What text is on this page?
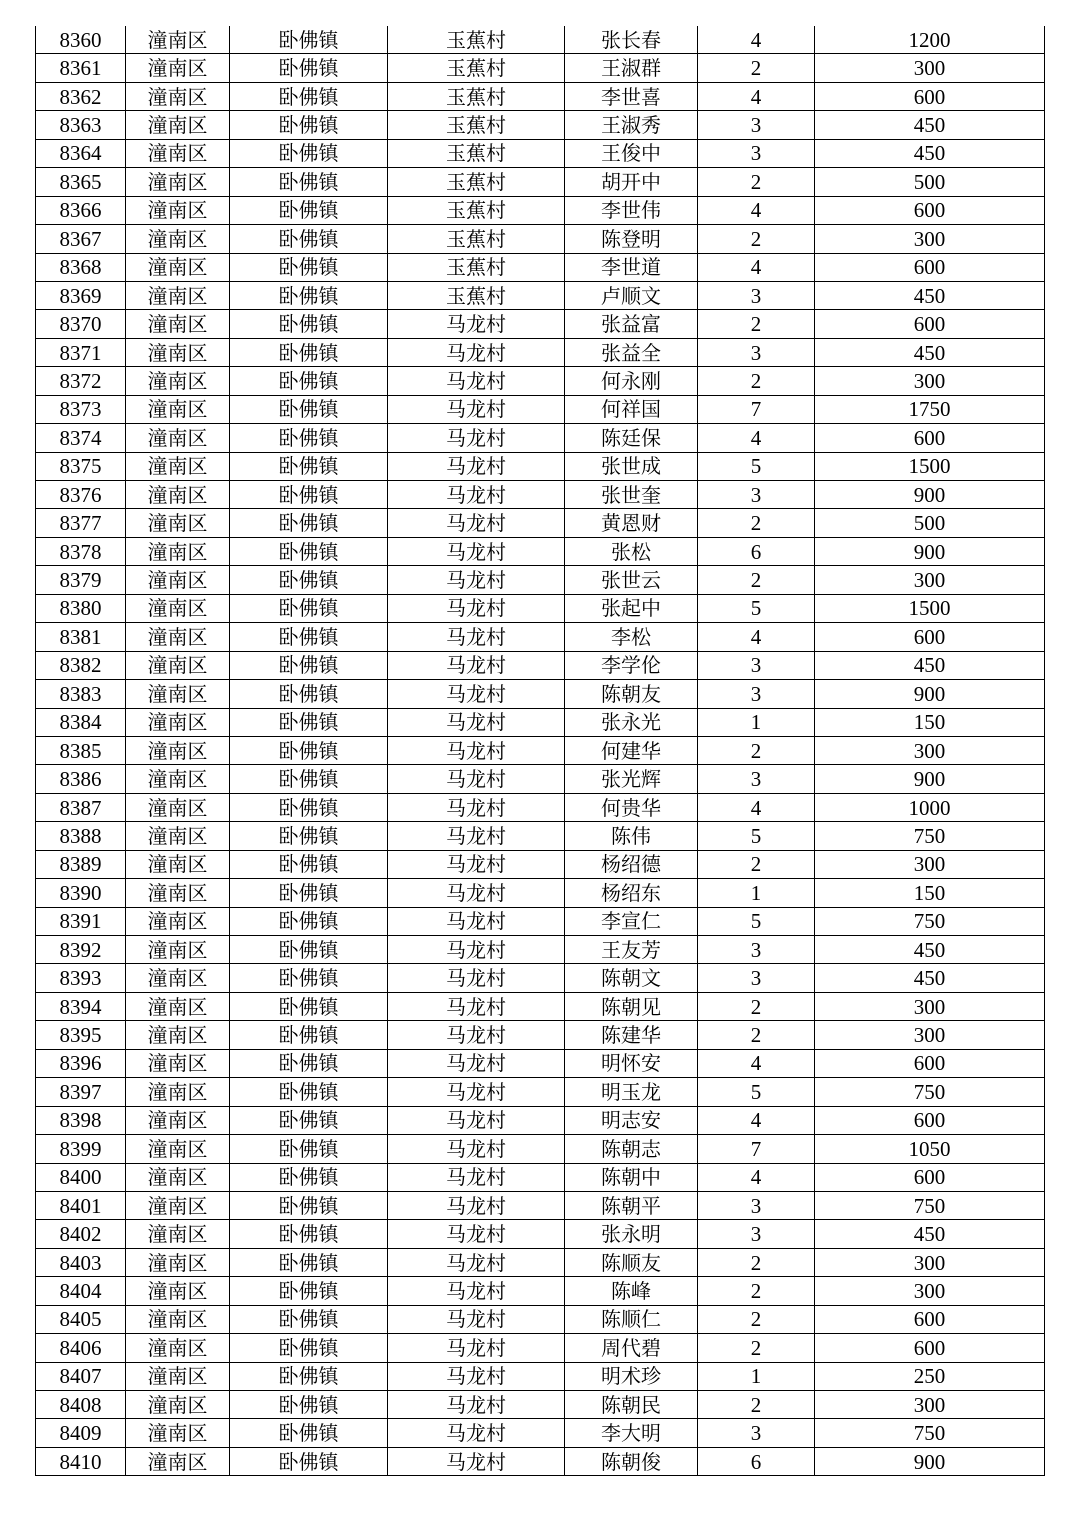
8360	潼南区	卧佛镇	玉蕉村	张长春	4	1200
8361	潼南区	卧佛镇	玉蕉村	王淑群	2	300
8362	潼南区	卧佛镇	玉蕉村	李世喜	4	600
8363	潼南区	卧佛镇	玉蕉村	王淑秀	3	450
8364	潼南区	卧佛镇	玉蕉村	王俊中	3	450
8365	潼南区	卧佛镇	玉蕉村	胡开中	2	500
8366	潼南区	卧佛镇	玉蕉村	李世伟	4	600
8367	潼南区	卧佛镇	玉蕉村	陈登明	2	300
8368	潼南区	卧佛镇	玉蕉村	李世道	4	600
8369	潼南区	卧佛镇	玉蕉村	卢顺文	3	450
8370	潼南区	卧佛镇	马龙村	张益富	2	600
8371	潼南区	卧佛镇	马龙村	张益全	3	450
8372	潼南区	卧佛镇	马龙村	何永刚	2	300
8373	潼南区	卧佛镇	马龙村	何祥国	7	1750
8374	潼南区	卧佛镇	马龙村	陈廷保	4	600
8375	潼南区	卧佛镇	马龙村	张世成	5	1500
8376	潼南区	卧佛镇	马龙村	张世奎	3	900
8377	潼南区	卧佛镇	马龙村	黄恩财	2	500
8378	潼南区	卧佛镇	马龙村	张松	6	900
8379	潼南区	卧佛镇	马龙村	张世云	2	300
8380	潼南区	卧佛镇	马龙村	张起中	5	1500
8381	潼南区	卧佛镇	马龙村	李松	4	600
8382	潼南区	卧佛镇	马龙村	李学伦	3	450
8383	潼南区	卧佛镇	马龙村	陈朝友	3	900
8384	潼南区	卧佛镇	马龙村	张永光	1	150
8385	潼南区	卧佛镇	马龙村	何建华	2	300
8386	潼南区	卧佛镇	马龙村	张光辉	3	900
8387	潼南区	卧佛镇	马龙村	何贵华	4	1000
8388	潼南区	卧佛镇	马龙村	陈伟	5	750
8389	潼南区	卧佛镇	马龙村	杨绍德	2	300
8390	潼南区	卧佛镇	马龙村	杨绍东	1	150
8391	潼南区	卧佛镇	马龙村	李宣仁	5	750
8392	潼南区	卧佛镇	马龙村	王友芳	3	450
8393	潼南区	卧佛镇	马龙村	陈朝文	3	450
8394	潼南区	卧佛镇	马龙村	陈朝见	2	300
8395	潼南区	卧佛镇	马龙村	陈建华	2	300
8396	潼南区	卧佛镇	马龙村	明怀安	4	600
8397	潼南区	卧佛镇	马龙村	明玉龙	5	750
8398	潼南区	卧佛镇	马龙村	明志安	4	600
8399	潼南区	卧佛镇	马龙村	陈朝志	7	1050
8400	潼南区	卧佛镇	马龙村	陈朝中	4	600
8401	潼南区	卧佛镇	马龙村	陈朝平	3	750
8402	潼南区	卧佛镇	马龙村	张永明	3	450
8403	潼南区	卧佛镇	马龙村	陈顺友	2	300
8404	潼南区	卧佛镇	马龙村	陈峰	2	300
8405	潼南区	卧佛镇	马龙村	陈顺仁	2	600
8406	潼南区	卧佛镇	马龙村	周代碧	2	600
8407	潼南区	卧佛镇	马龙村	明术珍	1	250
8408	潼南区	卧佛镇	马龙村	陈朝民	2	300
8409	潼南区	卧佛镇	马龙村	李大明	3	750
8410	潼南区	卧佛镇	马龙村	陈朝俊	6	900
